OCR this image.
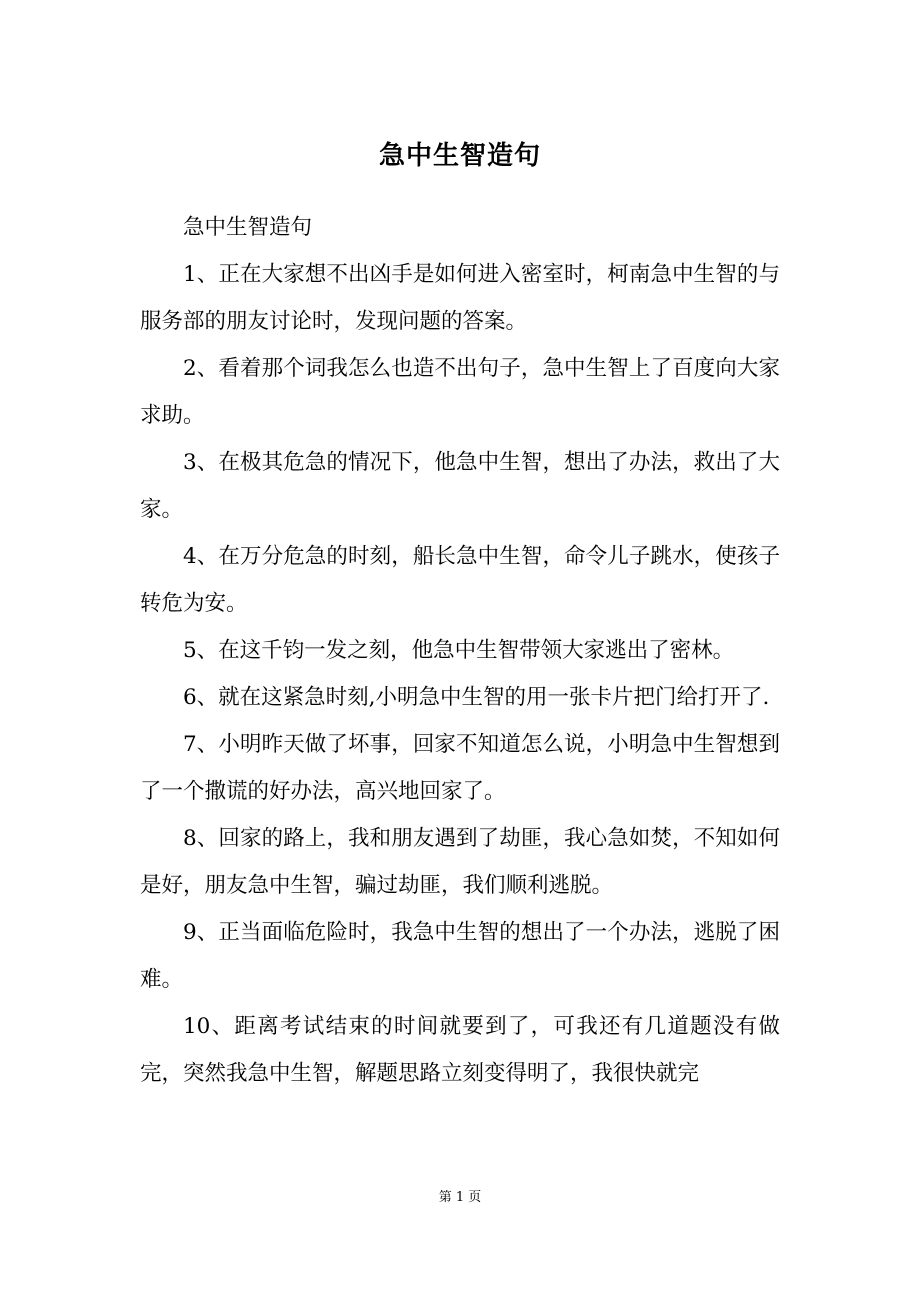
急中生智造句

急中生智造句

1、正在大家想不出凶手是如何进入密室时，柯南急中生智的与服务部的朋友讨论时，发现问题的答案。

2、看着那个词我怎么也造不出句子，急中生智上了百度向大家求助。

3、在极其危急的情况下，他急中生智，想出了办法，救出了大家。

4、在万分危急的时刻，船长急中生智，命令儿子跳水，使孩子转危为安。

5、在这千钧一发之刻，他急中生智带领大家逃出了密林。

6、就在这紧急时刻,小明急中生智的用一张卡片把门给打开了.

7、小明昨天做了坏事，回家不知道怎么说，小明急中生智想到了一个撒谎的好办法，高兴地回家了。

8、回家的路上，我和朋友遇到了劫匪，我心急如焚，不知如何是好，朋友急中生智，骗过劫匪，我们顺利逃脱。

9、正当面临危险时，我急中生智的想出了一个办法，逃脱了困难。

10、距离考试结束的时间就要到了，可我还有几道题没有做完，突然我急中生智，解题思路立刻变得明了，我很快就完

第 1 页
